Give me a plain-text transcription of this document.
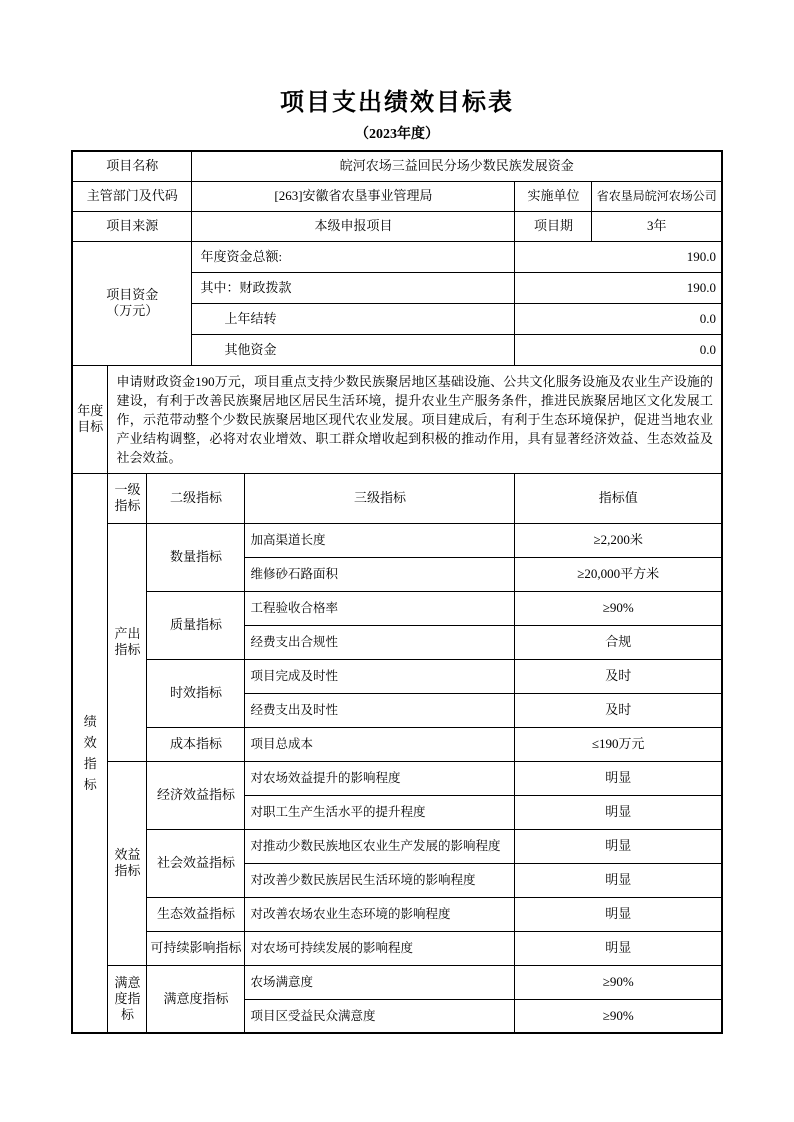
项目支出绩效目标表
（2023年度）
项目名称			皖河农场三益回民分场少数民族发展资金			
主管部门及代码			[263]安徽省农垦事业管理局		实施单位	省农垦局皖河农场公司
项目来源			本级申报项目		项目期	3年
项目资金
（万元）			年度资金总额:		190.0	
			其中：财政拨款		190.0	
			上年结转		0.0	
			其他资金		0.0	
年度目标	申请财政资金190万元，项目重点支持少数民族聚居地区基础设施、公共文化服务设施及农业生产设施的建设，有利于改善民族聚居地区居民生活环境，提升农业生产服务条件，推进民族聚居地区文化发展工作，示范带动整个少数民族聚居地区现代农业发展。项目建成后，有利于生态环境保护，促进当地农业产业结构调整，必将对农业增效、职工群众增收起到积极的推动作用，具有显著经济效益、生态效益及社会效益。					

绩效指标	一级指标	二级指标		三级指标	指标值	
	产出指标	数量指标		加高渠道长度	≥2,200米	
				维修砂石路面积	≥20,000平方米	
		质量指标		工程验收合格率	≥90%	
				经费支出合规性	合规	
		时效指标		项目完成及时性	及时	
				经费支出及时性	及时	
		成本指标		项目总成本	≤190万元	
	效益指标	经济效益指标		对农场效益提升的影响程度	明显	
				对职工生产生活水平的提升程度	明显	
		社会效益指标		对推动少数民族地区农业生产发展的影响程度	明显	
				对改善少数民族居民生活环境的影响程度	明显	
		生态效益指标		对改善农场农业生态环境的影响程度	明显	
		可持续影响指标		对农场可持续发展的影响程度	明显	
	满意度指标	满意度指标		农场满意度	≥90%	
				项目区受益民众满意度	≥90%	
